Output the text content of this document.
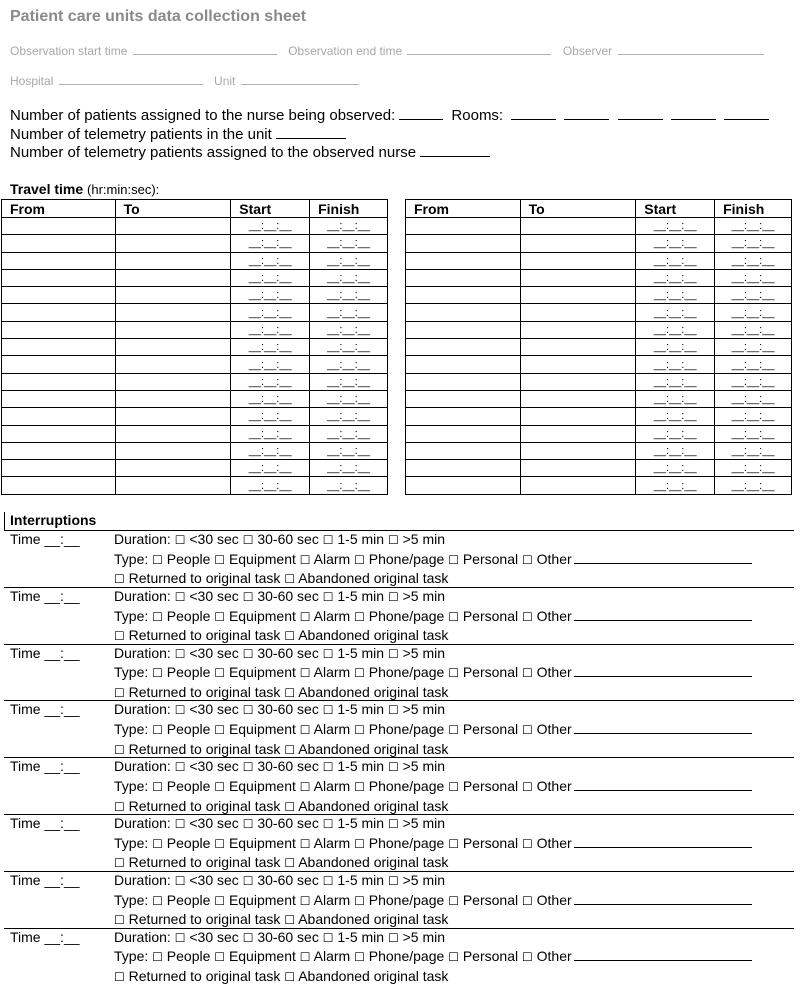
Patient care units data collection sheet
Observation start time	Observation end time	Observer
Hospital	Unit
Number of patients assigned to the nurse being observed:	Rooms:
Number of telemetry patients in the unit
Number of telemetry patients assigned to the observed nurse
Travel time (hr:min:sec):
From	To	Start	Finish
		__:__:__	__:__:__
		__:__:__	__:__:__
		__:__:__	__:__:__
		__:__:__	__:__:__
		__:__:__	__:__:__
		__:__:__	__:__:__
		__:__:__	__:__:__
		__:__:__	__:__:__
		__:__:__	__:__:__
		__:__:__	__:__:__
		__:__:__	__:__:__
		__:__:__	__:__:__
		__:__:__	__:__:__
		__:__:__	__:__:__
		__:__:__	__:__:__
		__:__:__	__:__:__
From	To	Start	Finish
		__:__:__	__:__:__
		__:__:__	__:__:__
		__:__:__	__:__:__
		__:__:__	__:__:__
		__:__:__	__:__:__
		__:__:__	__:__:__
		__:__:__	__:__:__
		__:__:__	__:__:__
		__:__:__	__:__:__
		__:__:__	__:__:__
		__:__:__	__:__:__
		__:__:__	__:__:__
		__:__:__	__:__:__
		__:__:__	__:__:__
		__:__:__	__:__:__
		__:__:__	__:__:__
Interruptions
Time __:__ Duration: ☐ <30 sec ☐ 30-60 sec ☐ 1-5 min ☐ >5 min
Type: ☐ People ☐ Equipment ☐ Alarm ☐ Phone/page ☐ Personal ☐ Other
☐ Returned to original task ☐ Abandoned original task
Time __:__ Duration: ☐ <30 sec ☐ 30-60 sec ☐ 1-5 min ☐ >5 min
Type: ☐ People ☐ Equipment ☐ Alarm ☐ Phone/page ☐ Personal ☐ Other
☐ Returned to original task ☐ Abandoned original task
Time __:__ Duration: ☐ <30 sec ☐ 30-60 sec ☐ 1-5 min ☐ >5 min
Type: ☐ People ☐ Equipment ☐ Alarm ☐ Phone/page ☐ Personal ☐ Other
☐ Returned to original task ☐ Abandoned original task
Time __:__ Duration: ☐ <30 sec ☐ 30-60 sec ☐ 1-5 min ☐ >5 min
Type: ☐ People ☐ Equipment ☐ Alarm ☐ Phone/page ☐ Personal ☐ Other
☐ Returned to original task ☐ Abandoned original task
Time __:__ Duration: ☐ <30 sec ☐ 30-60 sec ☐ 1-5 min ☐ >5 min
Type: ☐ People ☐ Equipment ☐ Alarm ☐ Phone/page ☐ Personal ☐ Other
☐ Returned to original task ☐ Abandoned original task
Time __:__ Duration: ☐ <30 sec ☐ 30-60 sec ☐ 1-5 min ☐ >5 min
Type: ☐ People ☐ Equipment ☐ Alarm ☐ Phone/page ☐ Personal ☐ Other
☐ Returned to original task ☐ Abandoned original task
Time __:__ Duration: ☐ <30 sec ☐ 30-60 sec ☐ 1-5 min ☐ >5 min
Type: ☐ People ☐ Equipment ☐ Alarm ☐ Phone/page ☐ Personal ☐ Other
☐ Returned to original task ☐ Abandoned original task
Time __:__ Duration: ☐ <30 sec ☐ 30-60 sec ☐ 1-5 min ☐ >5 min
Type: ☐ People ☐ Equipment ☐ Alarm ☐ Phone/page ☐ Personal ☐ Other
☐ Returned to original task ☐ Abandoned original task
